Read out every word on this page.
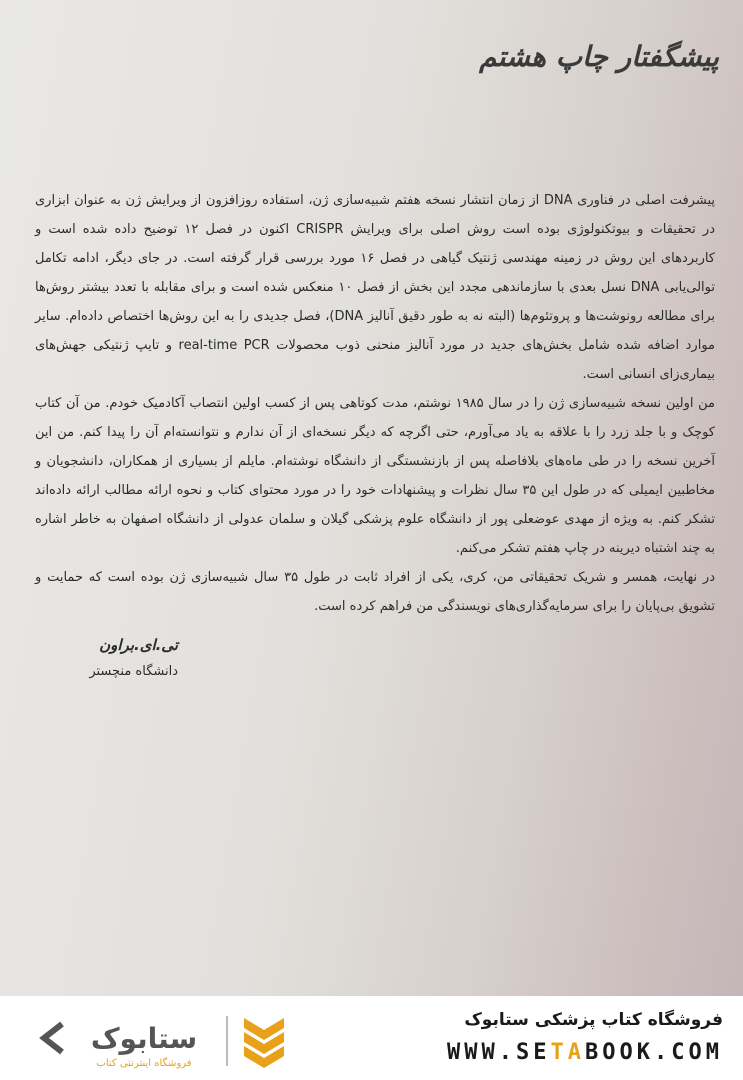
پیشگفتار چاپ هشتم

پیشرفت اصلی در فناوری DNA از زمان انتشار نسخه هفتم شبیه‌سازی ژن، استفاده روزافزون از ویرایش ژن به عنوان ابزاری در تحقیقات و بیوتکنولوژی بوده است روش اصلی برای ویرایش CRISPR اکنون در فصل ۱۲ توضیح داده شده است و کاربردهای این روش در زمینه مهندسی ژنتیک گیاهی در فصل ۱۶ مورد بررسی قرار گرفته است. در جای دیگر، ادامه تکامل توالی‌یابی DNA نسل بعدی با سازماندهی مجدد این بخش از فصل ۱۰ منعکس شده است و برای مقابله با تعدد بیشتر روش‌ها برای مطالعه رونوشت‌ها و پروتئوم‌ها (البته نه به طور دقیق آنالیز DNA)، فصل جدیدی را به این روش‌ها اختصاص داده‌ام. سایر موارد اضافه شده شامل بخش‌های جدید در مورد آنالیز منحنی ذوب محصولات real-time PCR و تایپ ژنتیکی جهش‌های بیماری‌زای انسانی است.

من اولین نسخه شبیه‌سازی ژن را در سال ۱۹۸۵ نوشتم، مدت کوتاهی پس از کسب اولین انتصاب آکادمیک خودم. من آن کتاب کوچک و با جلد زرد را با علاقه به یاد می‌آورم، حتی اگرچه که دیگر نسخه‌ای از آن ندارم و نتوانسته‌ام آن را پیدا کنم. من این آخرین نسخه را در طی ماه‌های بلافاصله پس از بازنشستگی از دانشگاه نوشته‌ام. مایلم از بسیاری از همکاران، دانشجویان و مخاطبین ایمیلی که در طول این ۳۵ سال نظرات و پیشنهادات خود را در مورد محتوای کتاب و نحوه ارائه مطالب ارائه داده‌اند تشکر کنم. به ویژه از مهدی عوضعلی پور از دانشگاه علوم پزشکی گیلان و سلمان عدولی از دانشگاه اصفهان به خاطر اشاره به چند اشتباه دیرینه در چاپ هفتم تشکر می‌کنم.

در نهایت، همسر و شریک تحقیقاتی من، کری، یکی از افراد ثابت در طول ۳۵ سال شبیه‌سازی ژن بوده است که حمایت و تشویق بی‌پایان را برای سرمایه‌گذاری‌های نویسندگی من فراهم کرده است.

تی.ای.براون

دانشگاه منچستر

ستابوک
فروشگاه اینترنتی کتاب

فروشگاه کتاب پزشکی ستابوک

WWW.SETABOOK.COM
